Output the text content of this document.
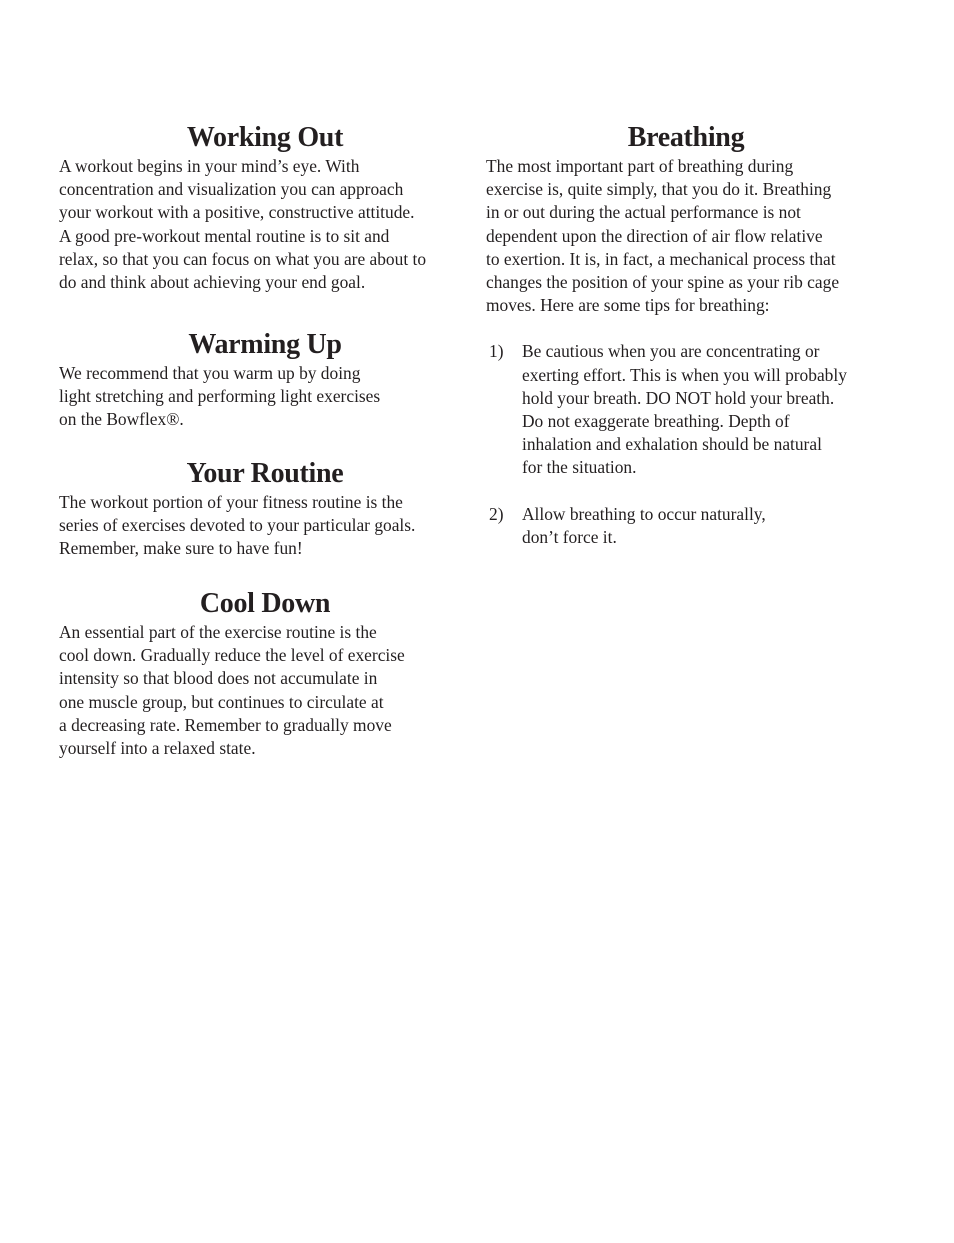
Working Out

A workout begins in your mind’s eye. With
concentration and visualization you can approach
your workout with a positive, constructive attitude.
A good pre-workout mental routine is to sit and
relax, so that you can focus on what you are about to
do and think about achieving your end goal.

Warming Up

We recommend that you warm up by doing
light stretching and performing light exercises
on the Bowflex®.

Your Routine

The workout portion of your fitness routine is the
series of exercises devoted to your particular goals.
Remember, make sure to have fun!

Cool Down

An essential part of the exercise routine is the
cool down. Gradually reduce the level of exercise
intensity so that blood does not accumulate in
one muscle group, but continues to circulate at
a decreasing rate. Remember to gradually move
yourself into a relaxed state.

Breathing

The most important part of breathing during
exercise is, quite simply, that you do it. Breathing
in or out during the actual performance is not
dependent upon the direction of air flow relative
to exertion. It is, in fact, a mechanical process that
changes the position of your spine as your rib cage
moves. Here are some tips for breathing:

1)	Be cautious when you are concentrating or
exerting effort. This is when you will probably
hold your breath. DO NOT hold your breath.
Do not exaggerate breathing. Depth of
inhalation and exhalation should be natural
for the situation.
2)	Allow breathing to occur naturally,
don’t force it.
